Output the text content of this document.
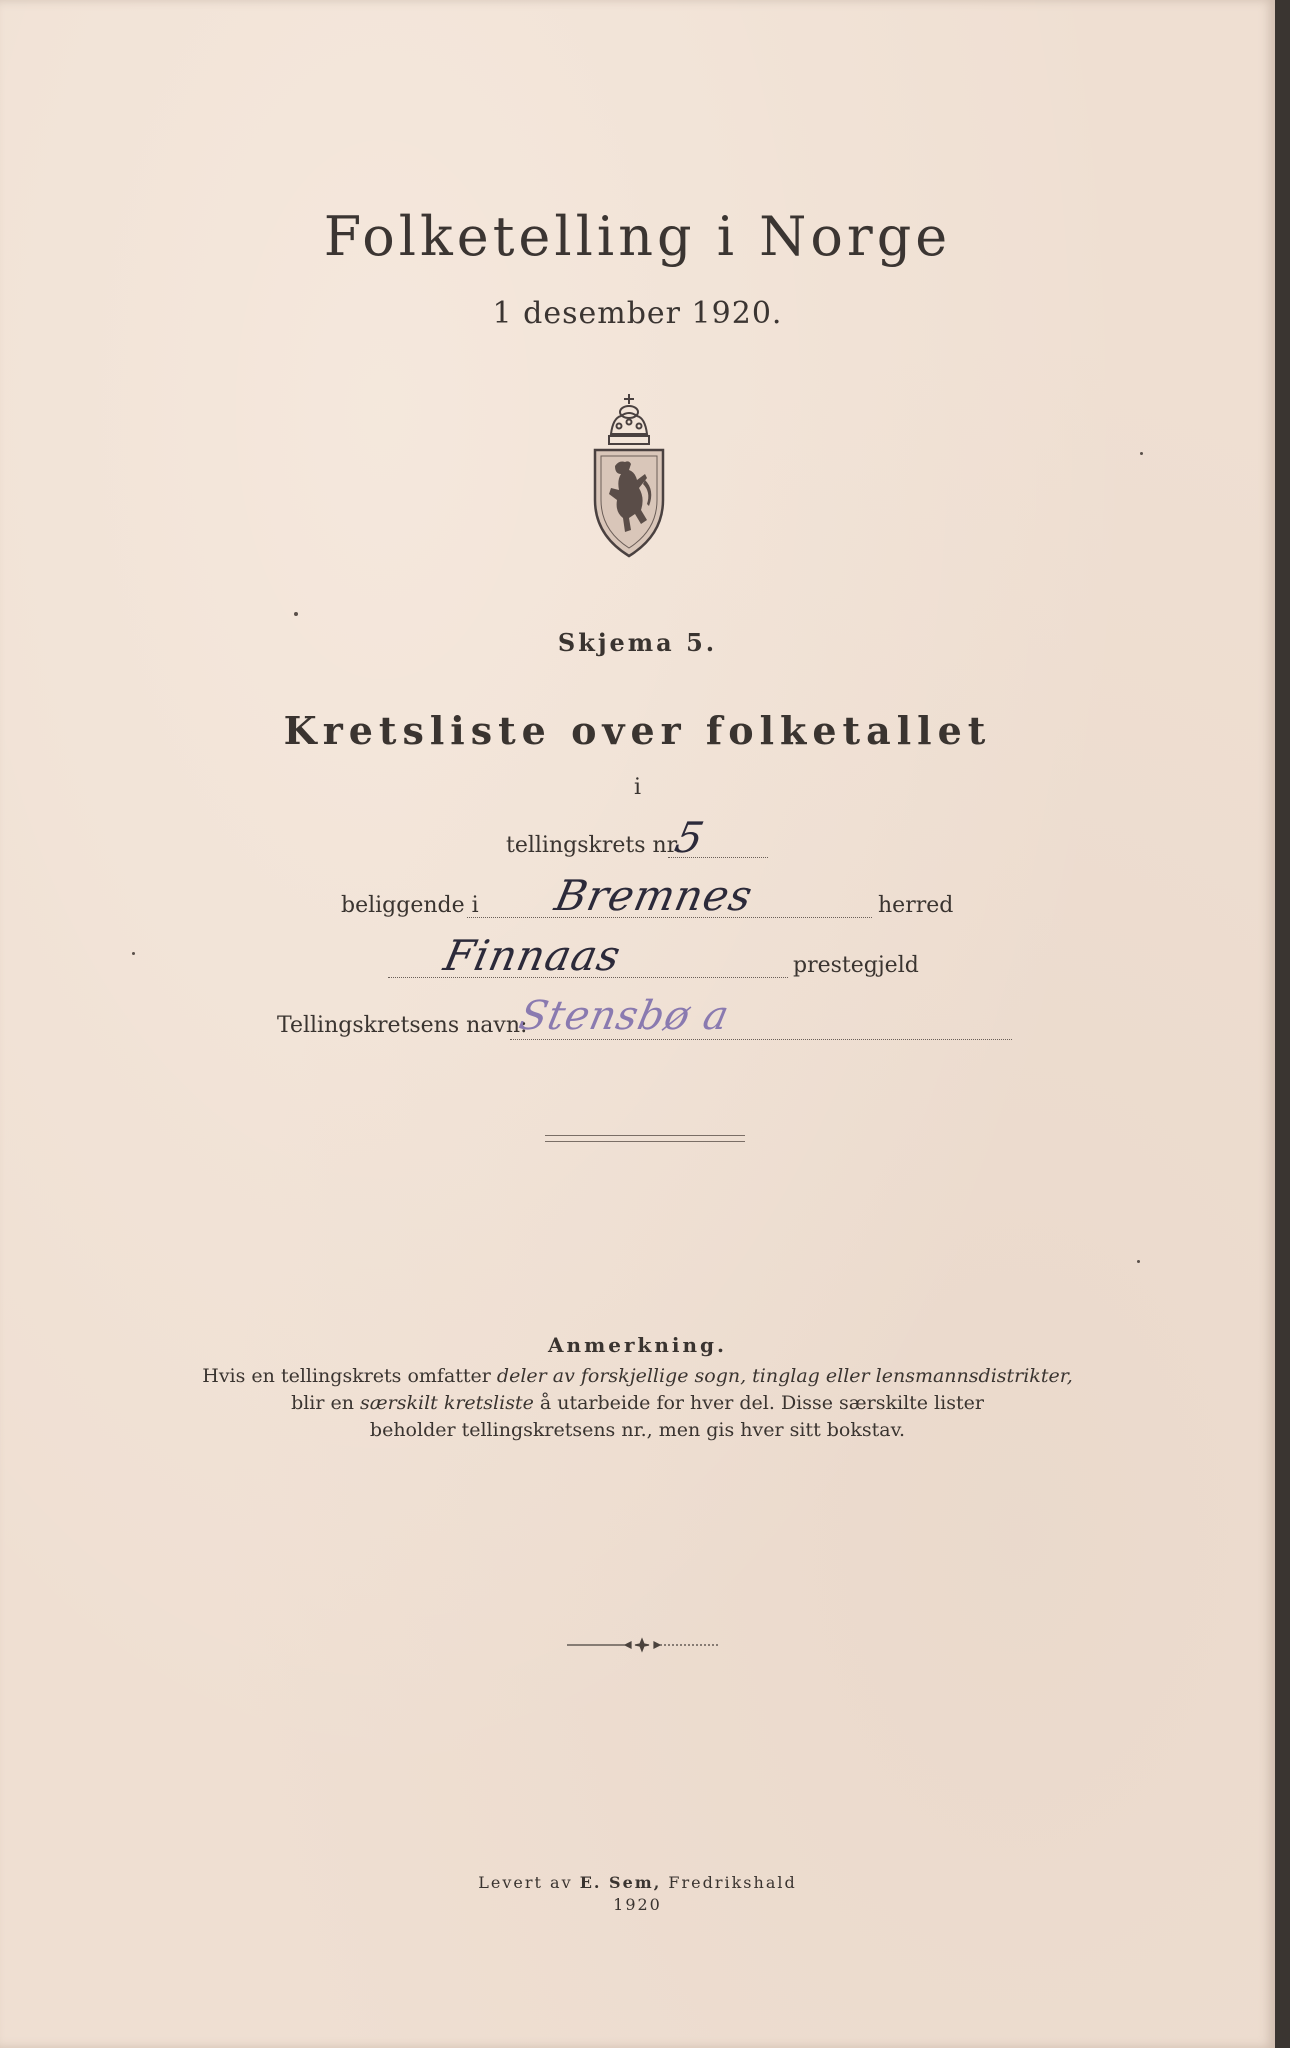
Folketelling i Norge
1 desember 1920.
Skjema 5.
Kretsliste over folketallet
i
tellingskrets nr.
5
beliggende i Bremnes	herred
Finnaas	prestegjeld
Tellingskretsens navn:
Stensbø a
Anmerkning.
Hvis en tellingskrets omfatter deler av forskjellige sogn, tinglag eller lensmannsdistrikter,
blir en særskilt kretsliste å utarbeide for hver del. Disse særskilte lister
beholder tellingskretsens nr., men gis hver sitt bokstav.
Levert av E. Sem, Fredrikshald
1920
